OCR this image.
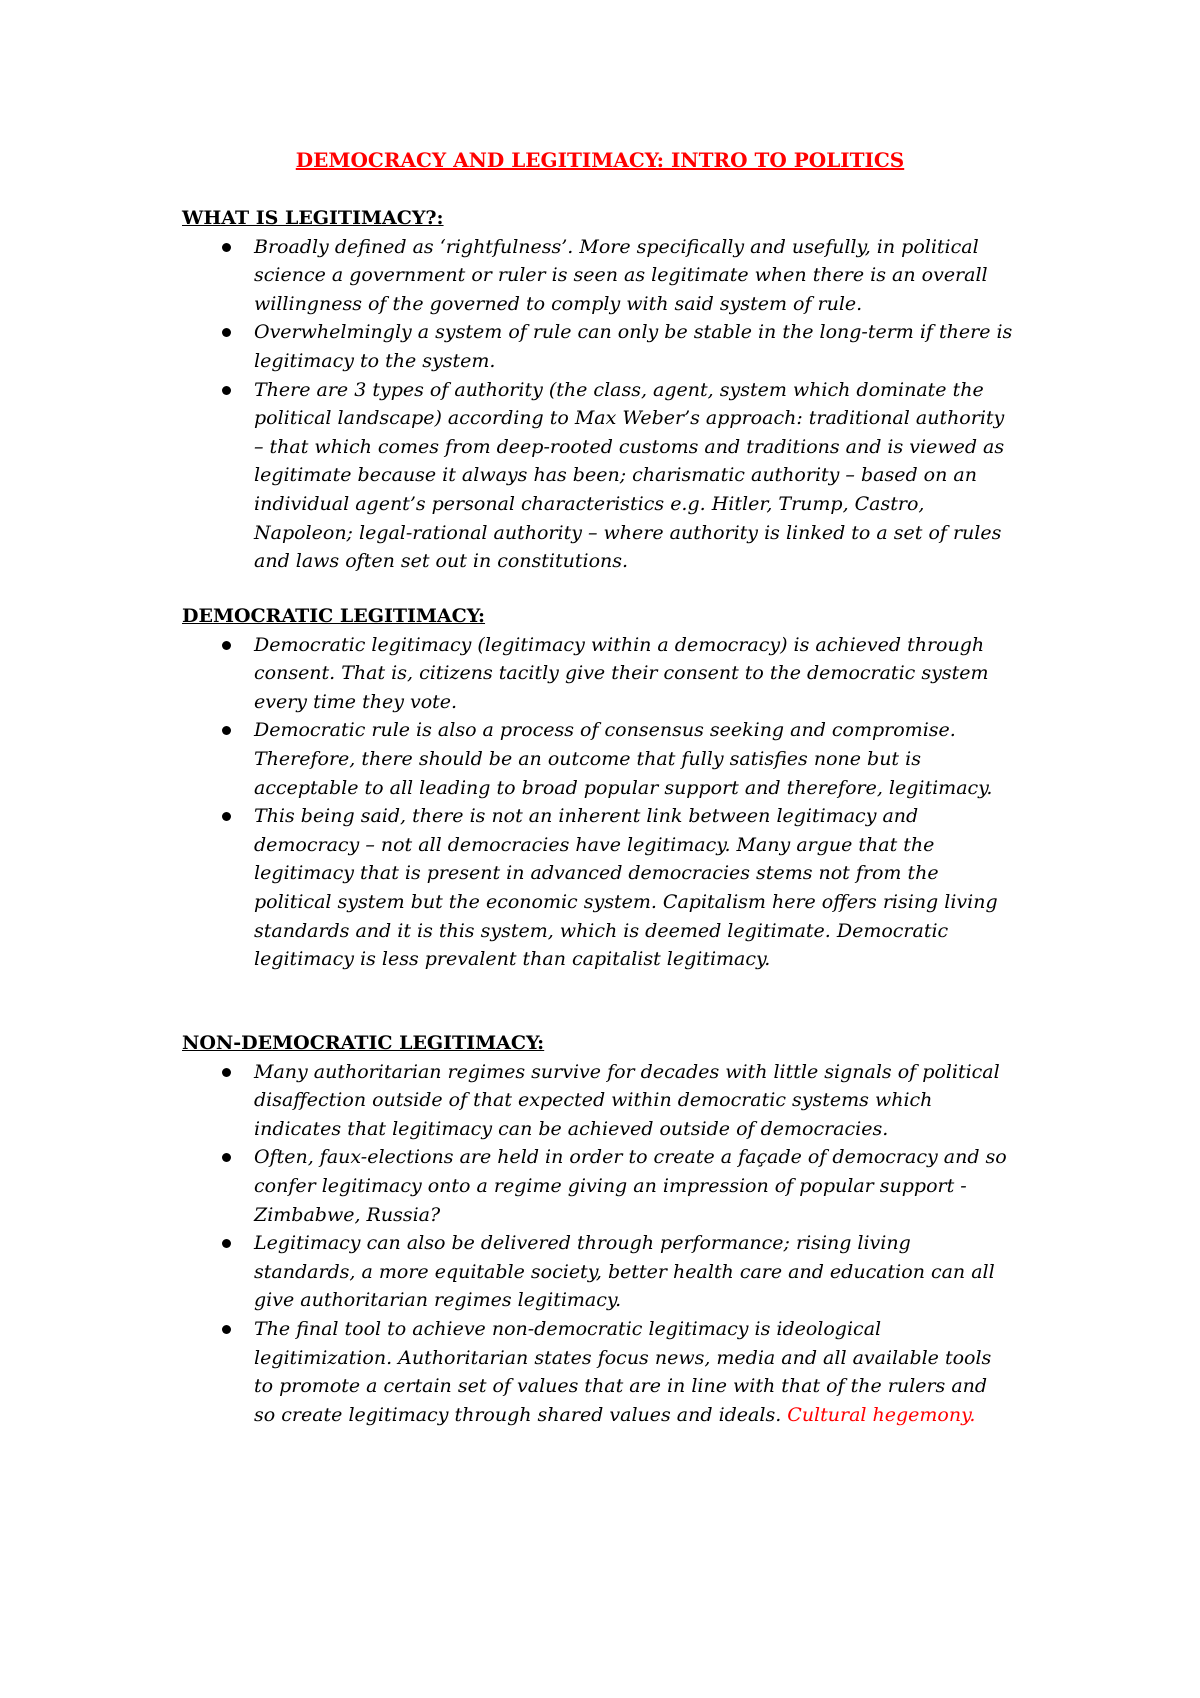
DEMOCRACY AND LEGITIMACY: INTRO TO POLITICS
WHAT IS LEGITIMACY?:
Broadly defined as ‘rightfulness’. More specifically and usefully, in political science a government or ruler is seen as legitimate when there is an overall willingness of the governed to comply with said system of rule.
Overwhelmingly a system of rule can only be stable in the long-term if there is legitimacy to the system.
There are 3 types of authority (the class, agent, system which dominate the political landscape) according to Max Weber’s approach: traditional authority – that which comes from deep-rooted customs and traditions and is viewed as legitimate because it always has been; charismatic authority – based on an individual agent’s personal characteristics e.g. Hitler, Trump, Castro, Napoleon; legal-rational authority – where authority is linked to a set of rules and laws often set out in constitutions.
DEMOCRATIC LEGITIMACY:
Democratic legitimacy (legitimacy within a democracy) is achieved through consent. That is, citizens tacitly give their consent to the democratic system every time they vote.
Democratic rule is also a process of consensus seeking and compromise. Therefore, there should be an outcome that fully satisfies none but is acceptable to all leading to broad popular support and therefore, legitimacy.
This being said, there is not an inherent link between legitimacy and democracy – not all democracies have legitimacy. Many argue that the legitimacy that is present in advanced democracies stems not from the political system but the economic system. Capitalism here offers rising living standards and it is this system, which is deemed legitimate. Democratic legitimacy is less prevalent than capitalist legitimacy.
NON-DEMOCRATIC LEGITIMACY:
Many authoritarian regimes survive for decades with little signals of political disaffection outside of that expected within democratic systems which indicates that legitimacy can be achieved outside of democracies.
Often, faux-elections are held in order to create a façade of democracy and so confer legitimacy onto a regime giving an impression of popular support - Zimbabwe, Russia?
Legitimacy can also be delivered through performance; rising living standards, a more equitable society, better health care and education can all give authoritarian regimes legitimacy.
The final tool to achieve non-democratic legitimacy is ideological legitimization. Authoritarian states focus news, media and all available tools to promote a certain set of values that are in line with that of the rulers and so create legitimacy through shared values and ideals. Cultural hegemony.
